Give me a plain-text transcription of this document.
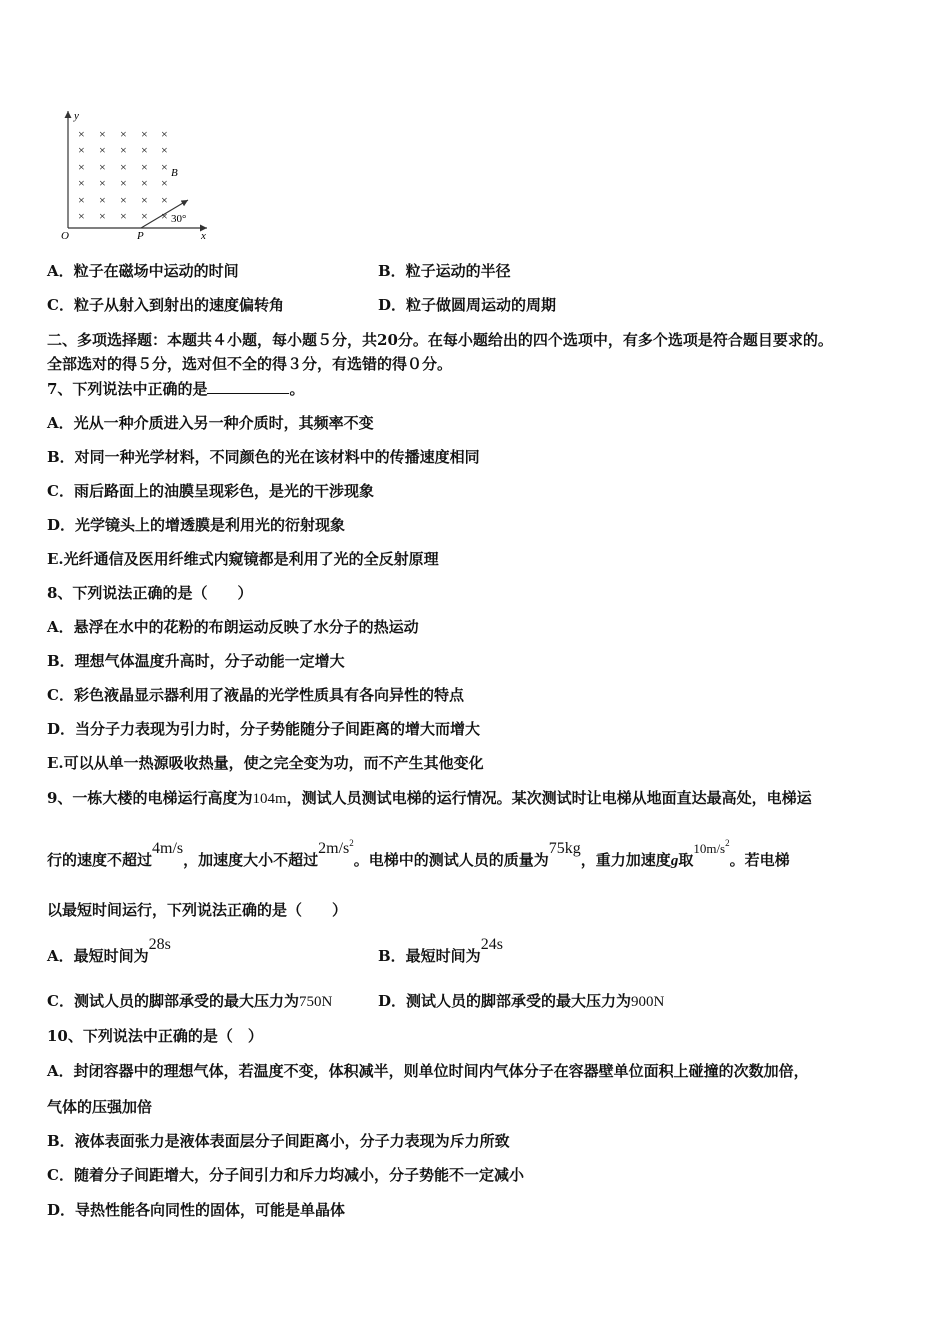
y
x
O	P
B
30°
× × × × ×
× × × × ×
× × × × ×
× × × × ×
× × × × ×
× × × × ×
A．粒子在磁场中运动的时间	B．粒子运动的半径
C．粒子从射入到射出的速度偏转角	D．粒子做圆周运动的周期
二、多项选择题：本题共４小题，每小题５分，共20分。在每小题给出的四个选项中，有多个选项是符合题目要求的。
全部选对的得５分，选对但不全的得３分，有选错的得０分。
7、下列说法中正确的是	。
A．光从一种介质进入另一种介质时，其频率不变
B．对同一种光学材料，不同颜色的光在该材料中的传播速度相同
C．雨后路面上的油膜呈现彩色，是光的干涉现象
D．光学镜头上的增透膜是利用光的衍射现象
E.光纤通信及医用纤维式内窥镜都是利用了光的全反射原理
8、下列说法正确的是（　　）
A．悬浮在水中的花粉的布朗运动反映了水分子的热运动
B．理想气体温度升高时，分子动能一定增大
C．彩色液晶显示器利用了液晶的光学性质具有各向异性的特点
D．当分子力表现为引力时，分子势能随分子间距离的增大而增大
E.可以从单一热源吸收热量，使之完全变为功，而不产生其他变化
9、一栋大楼的电梯运行高度为104m，测试人员测试电梯的运行情况。某次测试时让电梯从地面直达最高处，电梯运
行的速度不超过4m/s，加速度大小不超过$2m/s^2$。电梯中的测试人员的质量为75kg，重力加速度g取$10m/s^2$。若电梯
以最短时间运行，下列说法正确的是（　　）
A．最短时间为28s
B．最短时间为24s
C．测试人员的脚部承受的最大压力为750N	D．测试人员的脚部承受的最大压力为900N
10、下列说法中正确的是（　）
A．封闭容器中的理想气体，若温度不变，体积减半，则单位时间内气体分子在容器壁单位面积上碰撞的次数加倍，
气体的压强加倍
B．液体表面张力是液体表面层分子间距离小，分子力表现为斥力所致
C．随着分子间距增大，分子间引力和斥力均减小，分子势能不一定减小
D．导热性能各向同性的固体，可能是单晶体
